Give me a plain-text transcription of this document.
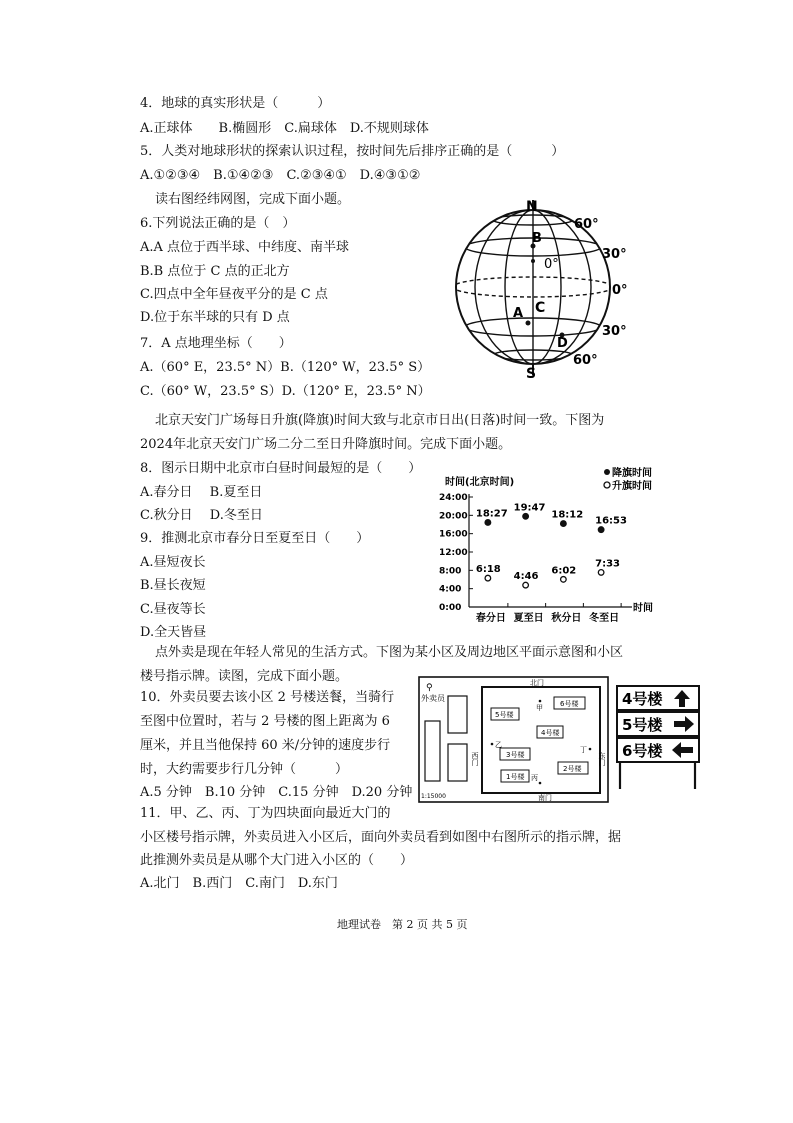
4．地球的真实形状是（　　　）
A.正球体　　B.椭圆形　C.扁球体　D.不规则球体
5．人类对地球形状的探索认识过程，按时间先后排序正确的是（　　　）
A.①②③④　B.①④②③　C.②③④①　D.④③①②
读右图经纬网图，完成下面小题。
6.下列说法正确的是（　）
A.A 点位于西半球、中纬度、南半球
B.B 点位于 C 点的正北方
C.四点中全年昼夜平分的是 C 点
D.位于东半球的只有 D 点
7．A 点地理坐标（　　）
A.（60° E，23.5° N）B.（120° W，23.5° S）
C.（60° W，23.5° S）D.（120° E，23.5° N）
N
S
B
0°
A C
D
60°
30°
0°
30°
60°
北京天安门广场每日升旗(降旗)时间大致与北京市日出(日落)时间一致。下图为
2024年北京天安门广场二分二至日升降旗时间。完成下面小题。
8．图示日期中北京市白昼时间最短的是（　　）
A.春分日　 B.夏至日
C.秋分日　 D.冬至日
9．推测北京市春分日至夏至日（　　）
A.昼短夜长
B.昼长夜短
C.昼夜等长
D.全天皆昼
时间(北京时间)
降旗时间
升旗时间
24:00
20:00
16:00
12:00
8:00
4:00
0:00
春分日 夏至日 秋分日 冬至日
18:27
19:47
18:12
16:53
6:18
4:46
6:02
7:33
时间
点外卖是现在年轻人常见的生活方式。下图为某小区及周边地区平面示意图和小区
楼号指示牌。读图，完成下面小题。
10．外卖员要去该小区 2 号楼送餐，当骑行
至图中位置时，若与 2 号楼的图上距离为 6
厘米，并且当他保持 60 米/分钟的速度步行
时，大约需要步行几分钟（　　　）
A.5 分钟　B.10 分钟　C.15 分钟　D.20 分钟
11．甲、乙、丙、丁为四块面向最近大门的
小区楼号指示牌，外卖员进入小区后，面向外卖员看到如图中右图所示的指示牌，据
此推测外卖员是从哪个大门进入小区的（　　）
A.北门　B.西门　C.南门　D.东门
外卖员
⚲	北门
西门
南门
东门
5号楼
6号楼
4号楼
3号楼
1号楼
2号楼
甲
乙
丙
丁
1:15000
4号楼
5号楼
6号楼
地理试卷　第 2 页 共 5 页
